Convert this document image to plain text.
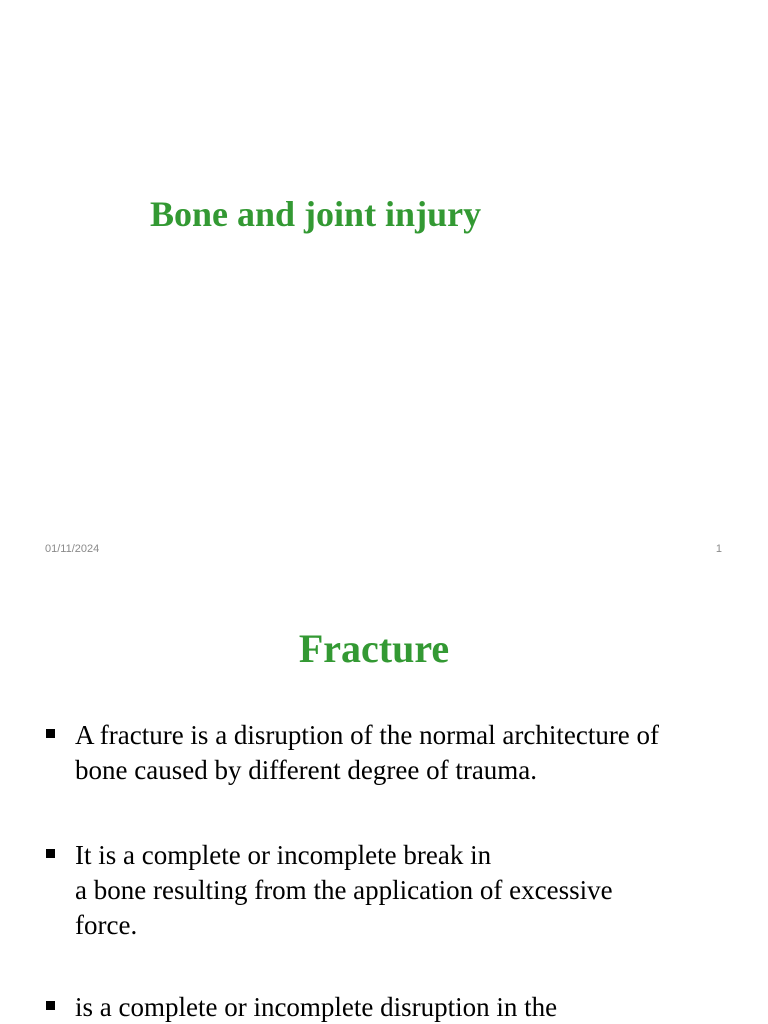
Bone and joint injury
01/11/2024	1
Fracture
A fracture is a disruption of the normal architecture of
bone caused by different degree of trauma.
It is a complete or incomplete break in
a bone resulting from the application of excessive
force.
is a complete or incomplete disruption in the
